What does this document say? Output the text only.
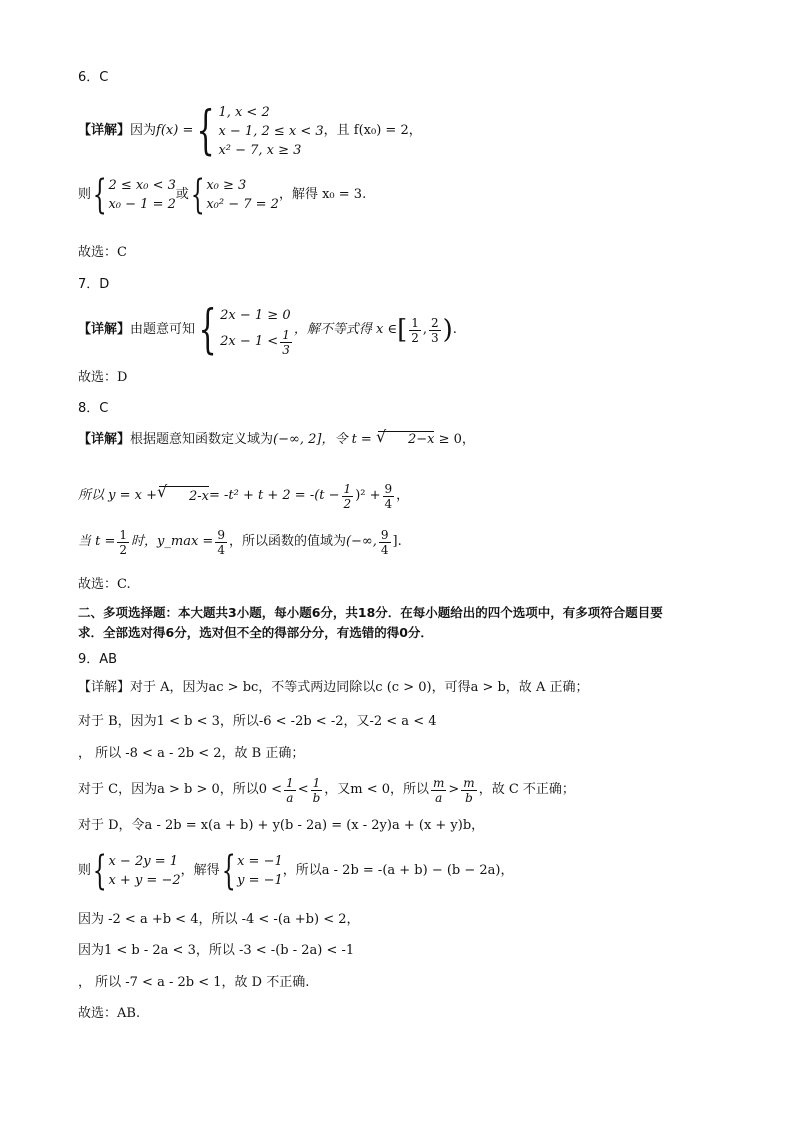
6．C
【详解】 因为 f(x) = { 1, x < 2
x − 1, 2 ≤ x < 3
x² − 7, x ≥ 3
，且 f(x₀) = 2，
则 { 2 ≤ x₀ < 3
x₀ − 1 = 2
或 { x₀ ≥ 3
x₀² − 7 = 2
，解得 x₀ = 3.
故选：C
7．D
【详解】 由题意可知 { 2x − 1 ≥ 0
$2x - 1 < \frac{1}{3}$ ，解不等式得 x ∈ [ $\frac{1}{2}$ , $\frac{2}{3}$ ) .
故选：D
8．C
【详解】根据题意知函数定义域为(−∞, 2]，令 t =	√ 2−x ≥ 0，
所以 y = x +	√ $2-x = -t^2 + t + 2 = -(t - \frac{1}{2} )^2 + \frac{9}{4}$ ，
当 $t = \frac{1}{2}$ 时，y_max = $\frac{9}{4}$ ，所以函数的值域为 (−∞, $\frac{9}{4}$ ].
故选：C.
二、多项选择题：本大题共3小题，每小题6分，共18分．在每小题给出的四个选项中，有多项符合题目要
求．全部选对得6分，选对但不全的得部分分，有选错的得0分．
9．AB
【详解】对于 A，因为ac > bc，不等式两边同除以c (c > 0)，可得a > b，故 A 正确；
对于 B，因为1 < b < 3，所以-6 < -2b < -2，又-2 < a < 4
， 所以 -8 < a - 2b < 2，故 B 正确；
对于 C，因为a > b > 0，所以$0 < \frac{1}{a} < \frac{1}{b}$ ，又m < 0，所以 $\frac{m}{a} > \frac{m}{b}$ ，故 C 不正确；
对于 D，令a - 2b = x(a + b) + y(b - 2a) = (x - 2y)a + (x + y)b，
则 { x − 2y = 1
x + y = −2
，解得 { x = −1
y = −1
，所以a - 2b = -(a + b) − (b − 2a)，
因为 -2 < a +b < 4，所以 -4 < -(a +b) < 2，
因为1 < b - 2a < 3，所以 -3 < -(b - 2a) < -1
， 所以 -7 < a - 2b < 1，故 D 不正确.
故选：AB.
